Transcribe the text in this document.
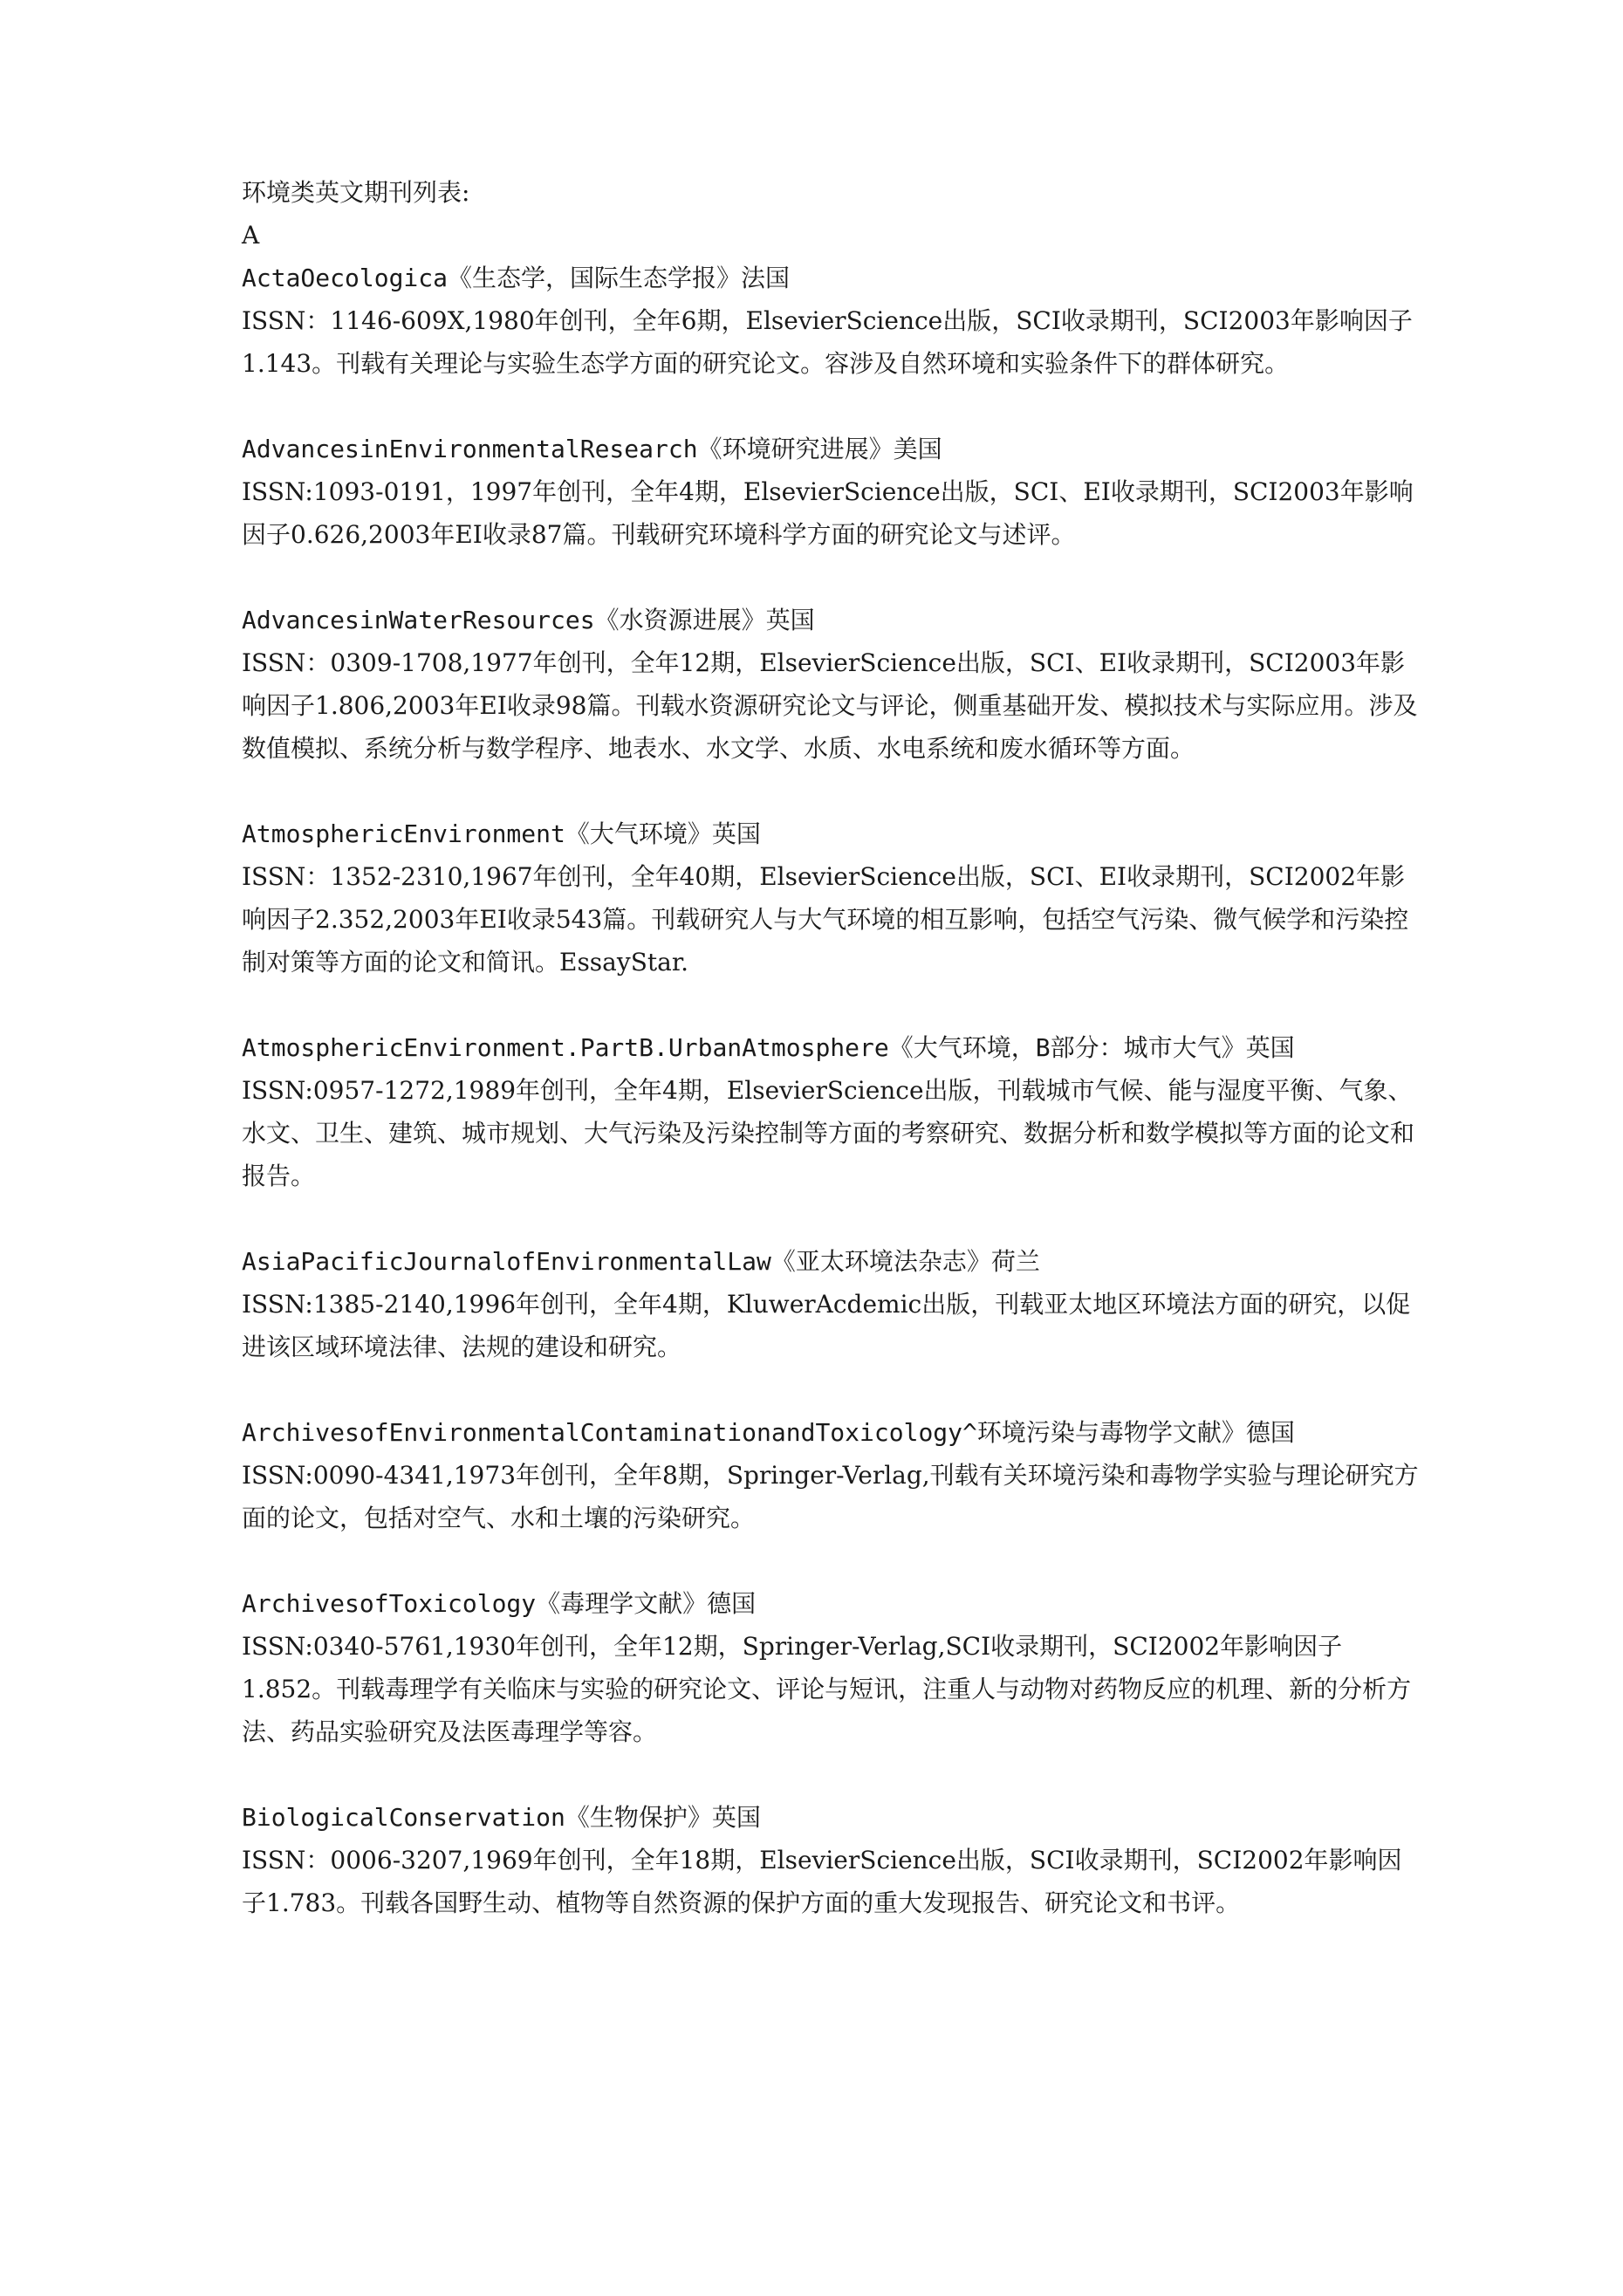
环境类英文期刊列表:

A

ActaOecologica《生态学，国际生态学报》法国

ISSN：1146-609X,1980年创刊，全年6期，ElsevierScience出版，SCI收录期刊，SCI2003年影响因子1.143。刊载有关理论与实验生态学方面的研究论文。容涉及自然环境和实验条件下的群体研究。

AdvancesinEnvironmentalResearch《环境研究进展》美国

ISSN:1093-0191，1997年创刊，全年4期，ElsevierScience出版，SCI、EI收录期刊，SCI2003年影响因子0.626,2003年EI收录87篇。刊载研究环境科学方面的研究论文与述评。

AdvancesinWaterResources《水资源进展》英国

ISSN：0309-1708,1977年创刊，全年12期，ElsevierScience出版，SCI、EI收录期刊，SCI2003年影响因子1.806,2003年EI收录98篇。刊载水资源研究论文与评论，侧重基础开发、模拟技术与实际应用。涉及数值模拟、系统分析与数学程序、地表水、水文学、水质、水电系统和废水循环等方面。

AtmosphericEnvironment《大气环境》英国

ISSN：1352-2310,1967年创刊，全年40期，ElsevierScience出版，SCI、EI收录期刊，SCI2002年影响因子2.352,2003年EI收录543篇。刊载研究人与大气环境的相互影响，包括空气污染、微气候学和污染控制对策等方面的论文和简讯。EssayStar.

AtmosphericEnvironment.PartB.UrbanAtmosphere《大气环境，B部分：城市大气》英国

ISSN:0957-1272,1989年创刊，全年4期，ElsevierScience出版，刊载城市气候、能与湿度平衡、气象、水文、卫生、建筑、城市规划、大气污染及污染控制等方面的考察研究、数据分析和数学模拟等方面的论文和报告。

AsiaPacificJournalofEnvironmentalLaw《亚太环境法杂志》荷兰

ISSN:1385-2140,1996年创刊，全年4期，KluwerAcdemic出版，刊载亚太地区环境法方面的研究，以促进该区域环境法律、法规的建设和研究。

ArchivesofEnvironmentalContaminationandToxicology^环境污染与毒物学文献》德国

ISSN:0090-4341,1973年创刊，全年8期，Springer-Verlag,刊载有关环境污染和毒物学实验与理论研究方面的论文，包括对空气、水和土壤的污染研究。

ArchivesofToxicology《毒理学文献》德国

ISSN:0340-5761,1930年创刊，全年12期，Springer-Verlag,SCI收录期刊，SCI2002年影响因子1.852。刊载毒理学有关临床与实验的研究论文、评论与短讯，注重人与动物对药物反应的机理、新的分析方法、药品实验研究及法医毒理学等容。

BiologicalConservation《生物保护》英国

ISSN：0006-3207,1969年创刊，全年18期，ElsevierScience出版，SCI收录期刊，SCI2002年影响因子1.783。刊载各国野生动、植物等自然资源的保护方面的重大发现报告、研究论文和书评。
